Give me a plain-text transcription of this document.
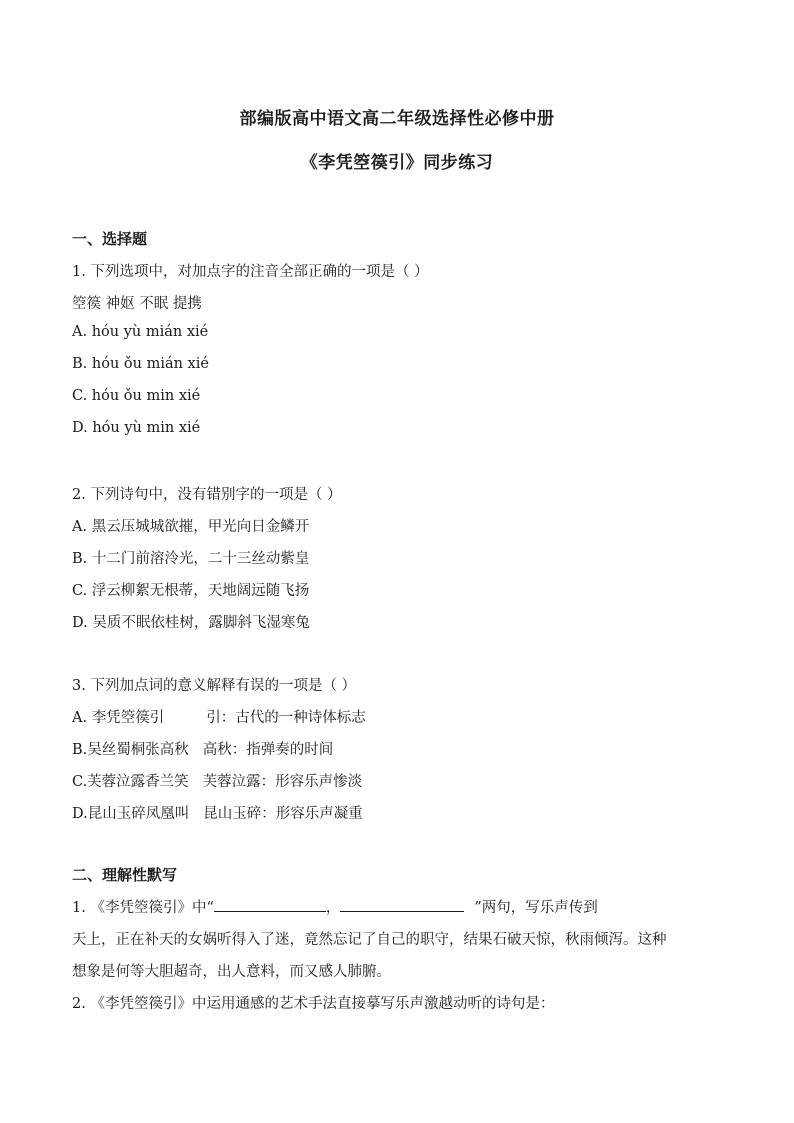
部编版高中语文高二年级选择性必修中册
《李凭箜篌引》同步练习
一、选择题
1. 下列选项中，对加点字的注音全部正确的一项是（ ）
箜篌 神妪 不眠 提携
A. hóu yù mián xié
B. hóu ǒu mián xié
C. hóu ǒu min xié
D. hóu yù min xié
2. 下列诗句中，没有错别字的一项是（ ）
A. 黑云压城城欲摧，甲光向日金鳞开
B. 十二门前溶泠光，二十三丝动紫皇
C. 浮云柳絮无根蒂，天地阔远随飞扬
D. 吴质不眠依桂树，露脚斜飞湿寒兔
3. 下列加点词的意义解释有误的一项是（ ）
A. 李凭箜篌引	引：古代的一种诗体标志
B.吴丝蜀桐张高秋 高秋：指弹奏的时间
C.芙蓉泣露香兰笑 芙蓉泣露：形容乐声惨淡
D.昆山玉碎凤凰叫 昆山玉碎：形容乐声凝重
二、理解性默写
1. 《李凭箜篌引》中“	，	”两句，写乐声传到
天上，正在补天的女娲听得入了迷，竟然忘记了自己的职守，结果石破天惊，秋雨倾泻。这种
想象是何等大胆超奇，出人意料，而又感人肺腑。
2. 《李凭箜篌引》中运用通感的艺术手法直接摹写乐声激越动听的诗句是：
